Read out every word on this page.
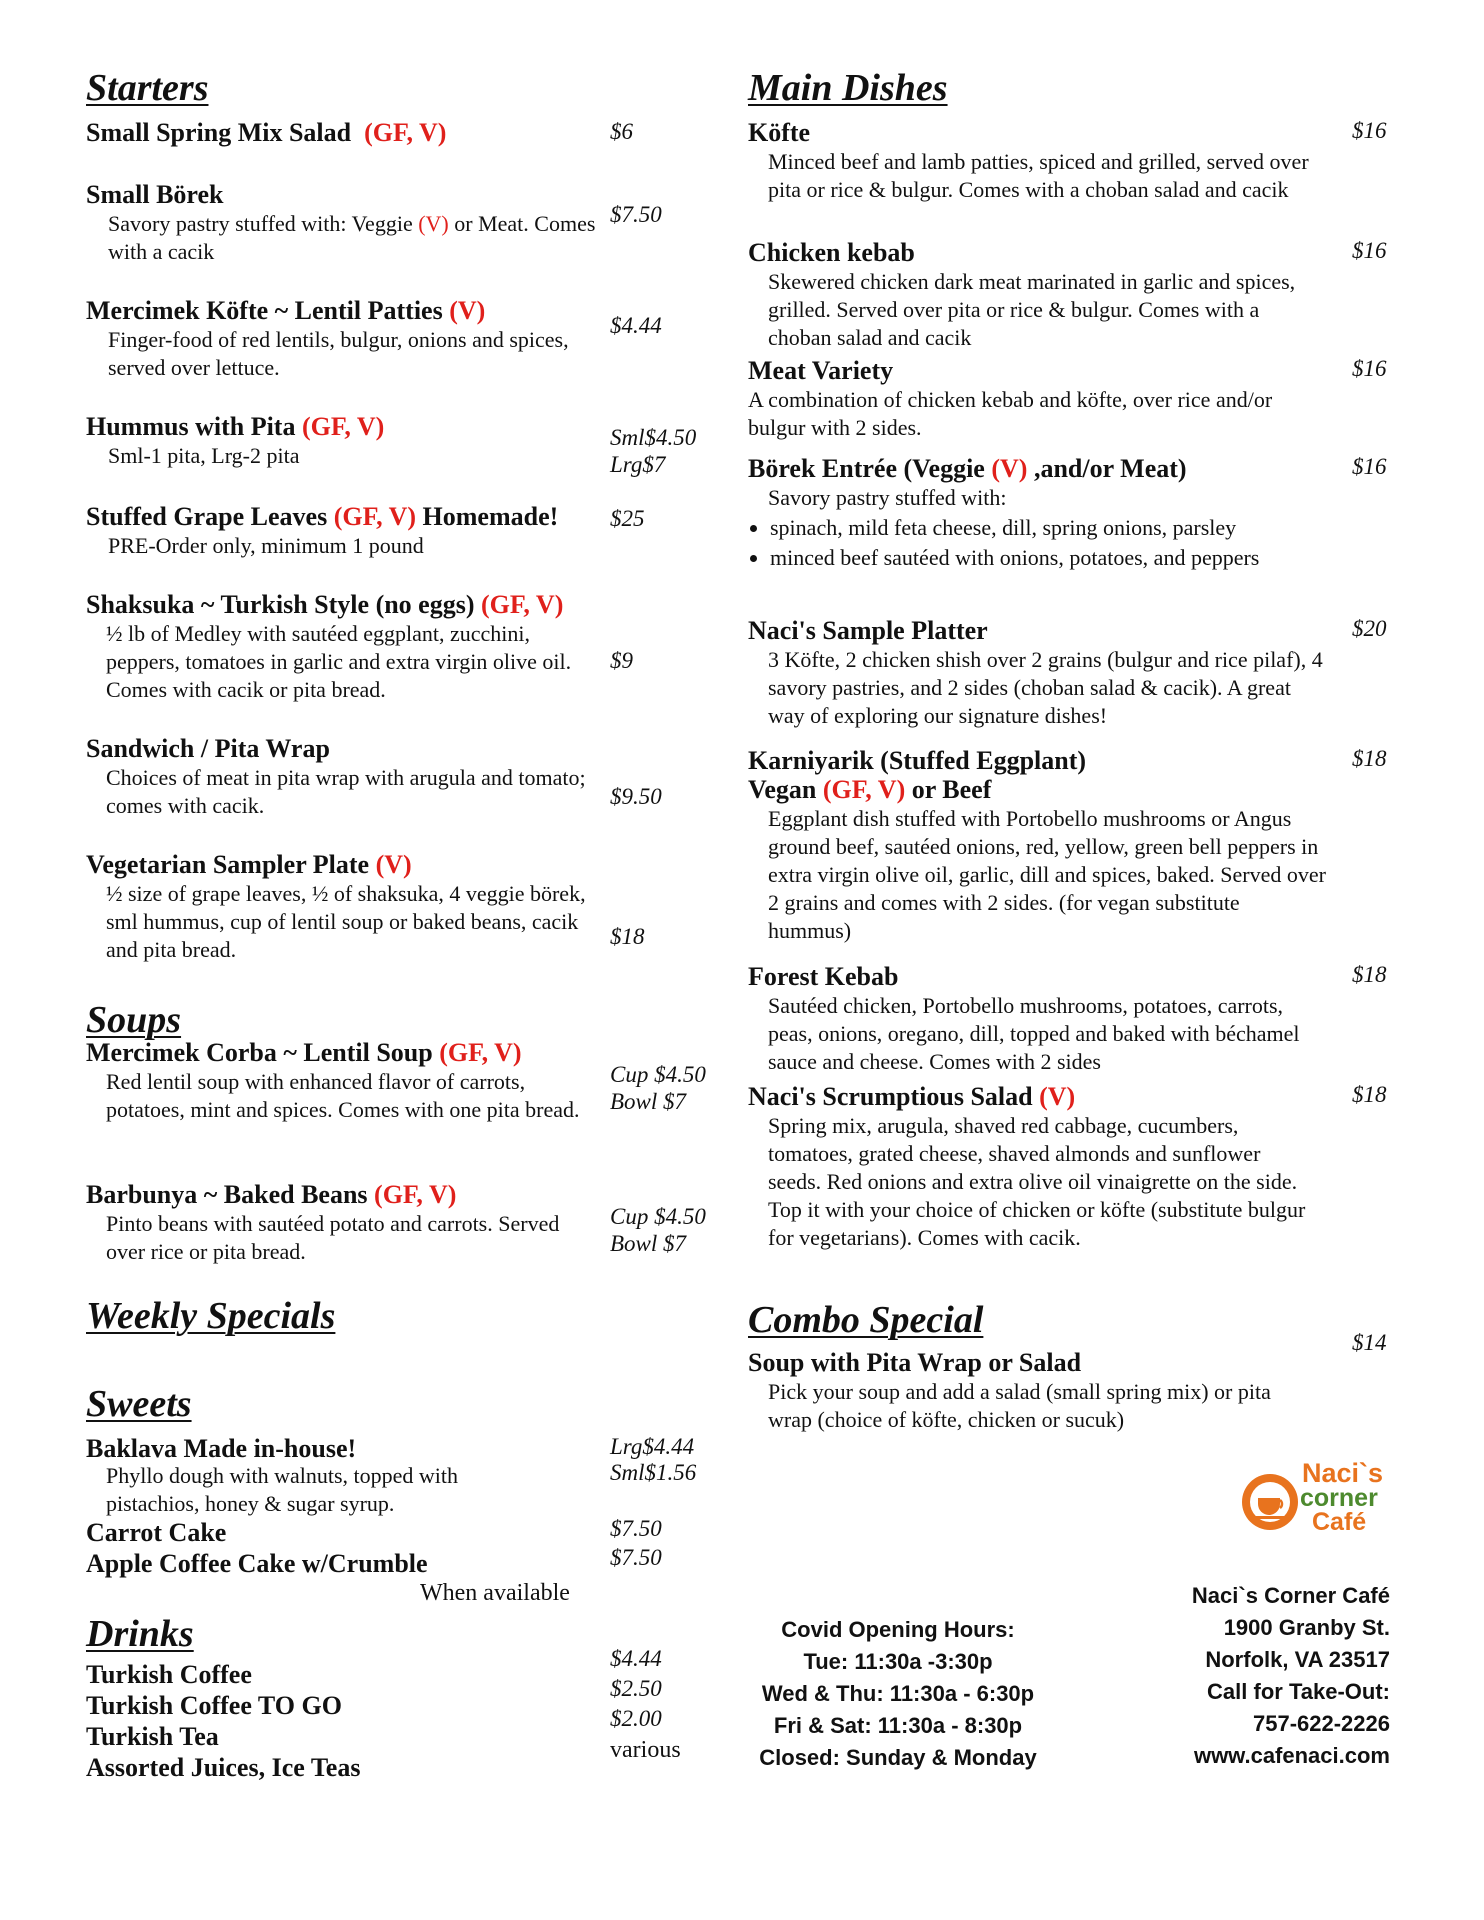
Starters
Small Spring Mix Salad (GF, V)	$6
Small Börek
Savory pastry stuffed with: Veggie (V) or Meat. Comes with a cacik
$7.50
Mercimek Köfte ~ Lentil Patties (V)
Finger-food of red lentils, bulgur, onions and spices, served over lettuce.
$4.44
Hummus with Pita (GF, V)
Sml-1 pita, Lrg-2 pita
Sml$4.50
Lrg$7
Stuffed Grape Leaves (GF, V) Homemade!
PRE-Order only, minimum 1 pound
$25
Shaksuka ~ Turkish Style (no eggs) (GF, V)
½ lb of Medley with sautéed eggplant, zucchini, peppers, tomatoes in garlic and extra virgin olive oil. Comes with cacik or pita bread.
$9
Sandwich / Pita Wrap
Choices of meat in pita wrap with arugula and tomato; comes with cacik.	$9.50
Vegetarian Sampler Plate (V)
½ size of grape leaves, ½ of shaksuka, 4 veggie börek, sml hummus, cup of lentil soup or baked beans, cacik and pita bread.
$18
Soups
Mercimek Corba ~ Lentil Soup (GF, V)
Red lentil soup with enhanced flavor of carrots, potatoes, mint and spices. Comes with one pita bread.
Cup $4.50
Bowl $7
Barbunya ~ Baked Beans (GF, V)
Pinto beans with sautéed potato and carrots. Served over rice or pita bread.
Cup $4.50
Bowl $7
Weekly Specials
Sweets
Baklava Made in-house!
Phyllo dough with walnuts, topped with pistachios, honey & sugar syrup.
Lrg$4.44
Sml$1.56
Carrot Cake	$7.50
Apple Coffee Cake w/Crumble	$7.50
When available
Drinks
Turkish Coffee
$4.44
Turkish Coffee TO GO
$2.50
Turkish Tea
$2.00
Assorted Juices, Ice Teas
various
Main Dishes
Köfte
Minced beef and lamb patties, spiced and grilled, served over pita or rice & bulgur. Comes with a choban salad and cacik
$16
Chicken kebab
Skewered chicken dark meat marinated in garlic and spices, grilled. Served over pita or rice & bulgur. Comes with a choban salad and cacik
$16
Meat Variety
A combination of chicken kebab and köfte, over rice and/or bulgur with 2 sides.
$16
Börek Entrée (Veggie (V) ,and/or Meat)
Savory pastry stuffed with:
• spinach, mild feta cheese, dill, spring onions, parsley
• minced beef sautéed with onions, potatoes, and peppers
$16
Naci's Sample Platter
3 Köfte, 2 chicken shish over 2 grains (bulgur and rice pilaf), 4 savory pastries, and 2 sides (choban salad & cacik). A great way of exploring our signature dishes!
$20
Karniyarik (Stuffed Eggplant)
Vegan (GF, V) or Beef
Eggplant dish stuffed with Portobello mushrooms or Angus ground beef, sautéed onions, red, yellow, green bell peppers in extra virgin olive oil, garlic, dill and spices, baked. Served over 2 grains and comes with 2 sides. (for vegan substitute hummus)
$18
Forest Kebab
Sautéed chicken, Portobello mushrooms, potatoes, carrots, peas, onions, oregano, dill, topped and baked with béchamel sauce and cheese. Comes with 2 sides
$18
Naci's Scrumptious Salad (V)
Spring mix, arugula, shaved red cabbage, cucumbers, tomatoes, grated cheese, shaved almonds and sunflower seeds. Red onions and extra olive oil vinaigrette on the side. Top it with your choice of chicken or köfte (substitute bulgur for vegetarians). Comes with cacik.
$18
Combo Special
Soup with Pita Wrap or Salad
Pick your soup and add a salad (small spring mix) or pita wrap (choice of köfte, chicken or sucuk)
$14
Naci`s
corner
Café
Covid Opening Hours:
Tue: 11:30a -3:30p
Wed & Thu: 11:30a - 6:30p
Fri & Sat: 11:30a - 8:30p
Closed: Sunday & Monday
Naci`s Corner Café
1900 Granby St.
Norfolk, VA 23517
Call for Take-Out:
757-622-2226
www.cafenaci.com
